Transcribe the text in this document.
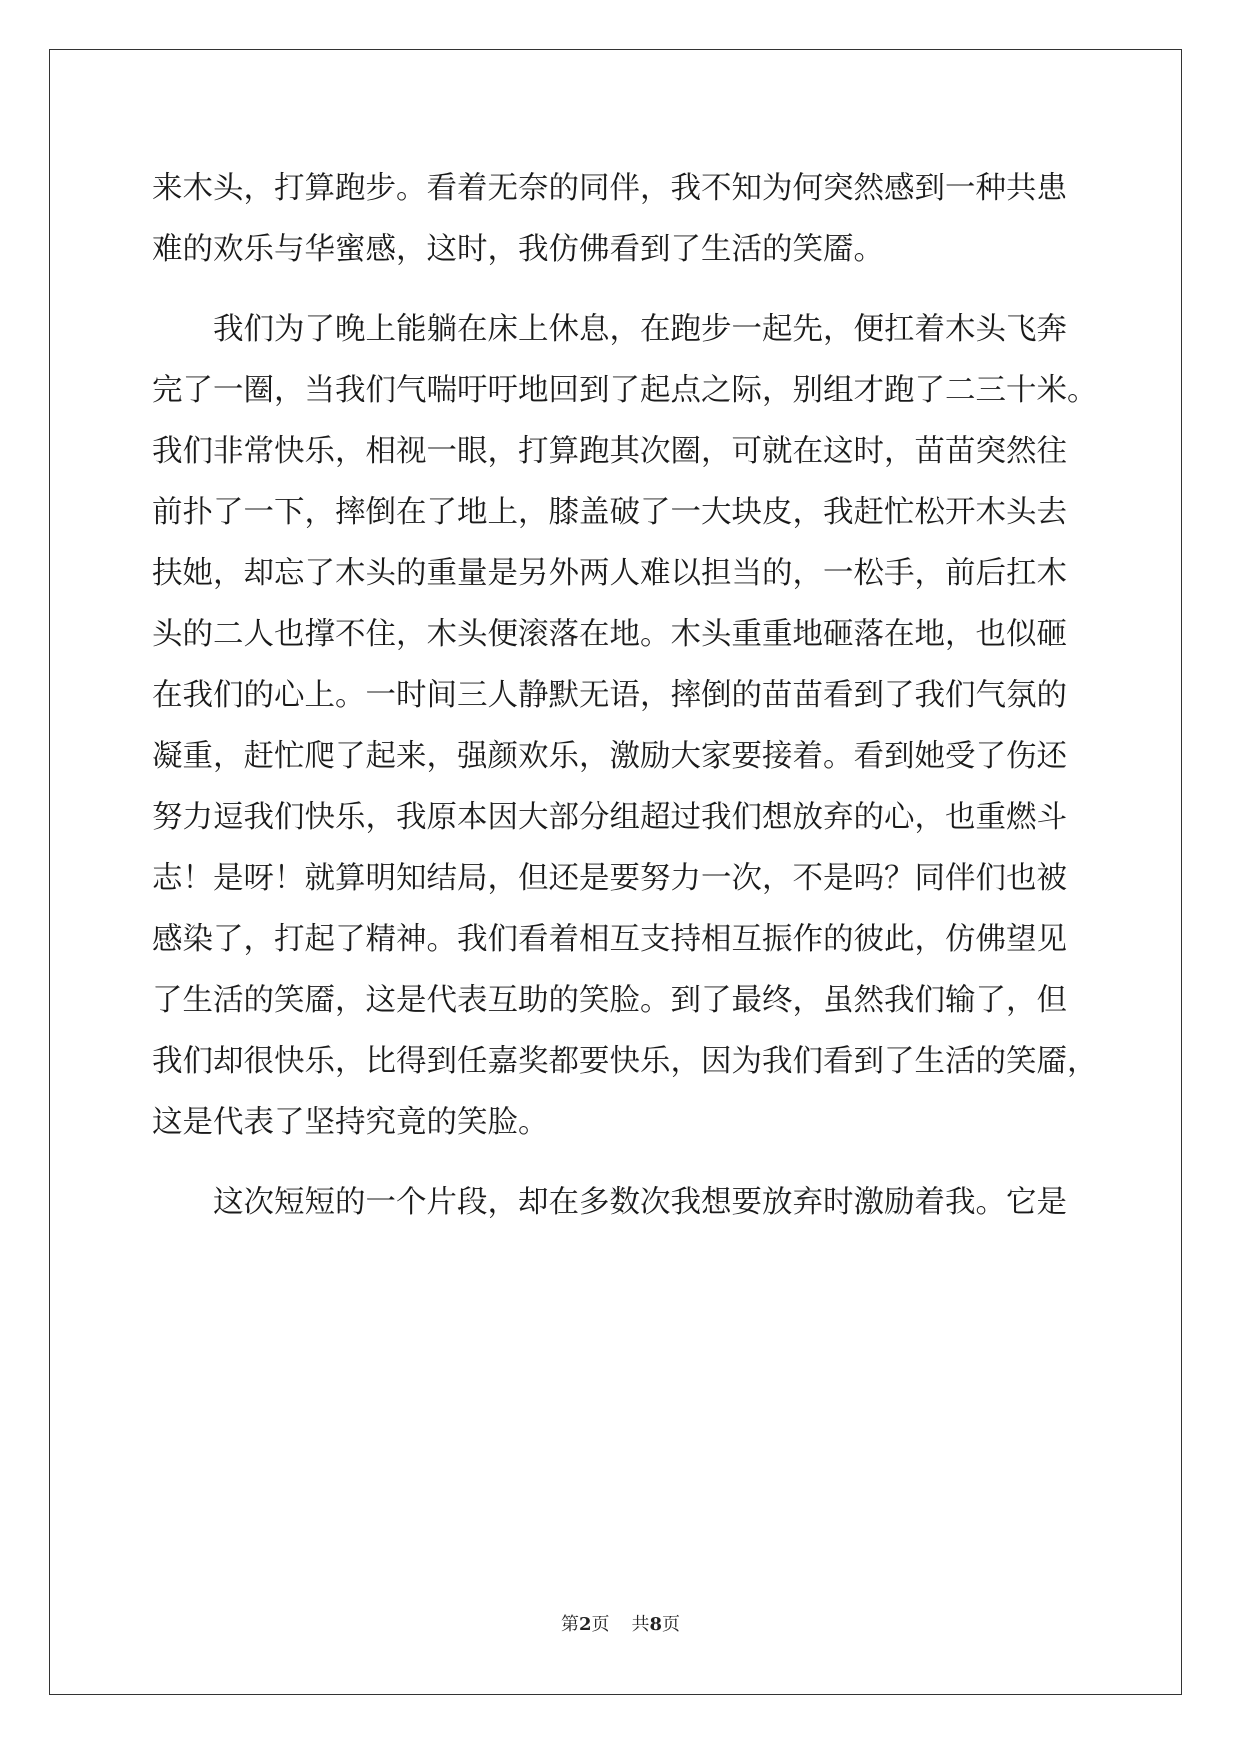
来木头，打算跑步。看着无奈的同伴，我不知为何突然感到一种共患
难的欢乐与华蜜感，这时，我仿佛看到了生活的笑靥。
我们为了晚上能躺在床上休息，在跑步一起先，便扛着木头飞奔
完了一圈，当我们气喘吁吁地回到了起点之际，别组才跑了二三十米。
我们非常快乐，相视一眼，打算跑其次圈，可就在这时，苗苗突然往
前扑了一下，摔倒在了地上，膝盖破了一大块皮，我赶忙松开木头去
扶她，却忘了木头的重量是另外两人难以担当的，一松手，前后扛木
头的二人也撑不住，木头便滚落在地。木头重重地砸落在地，也似砸
在我们的心上。一时间三人静默无语，摔倒的苗苗看到了我们气氛的
凝重，赶忙爬了起来，强颜欢乐，激励大家要接着。看到她受了伤还
努力逗我们快乐，我原本因大部分组超过我们想放弃的心，也重燃斗
志！是呀！就算明知结局，但还是要努力一次，不是吗？同伴们也被
感染了，打起了精神。我们看着相互支持相互振作的彼此，仿佛望见
了生活的笑靥，这是代表互助的笑脸。到了最终，虽然我们输了，但
我们却很快乐，比得到任嘉奖都要快乐，因为我们看到了生活的笑靥，
这是代表了坚持究竟的笑脸。
这次短短的一个片段，却在多数次我想要放弃时激励着我。它是
第2页 共8页
